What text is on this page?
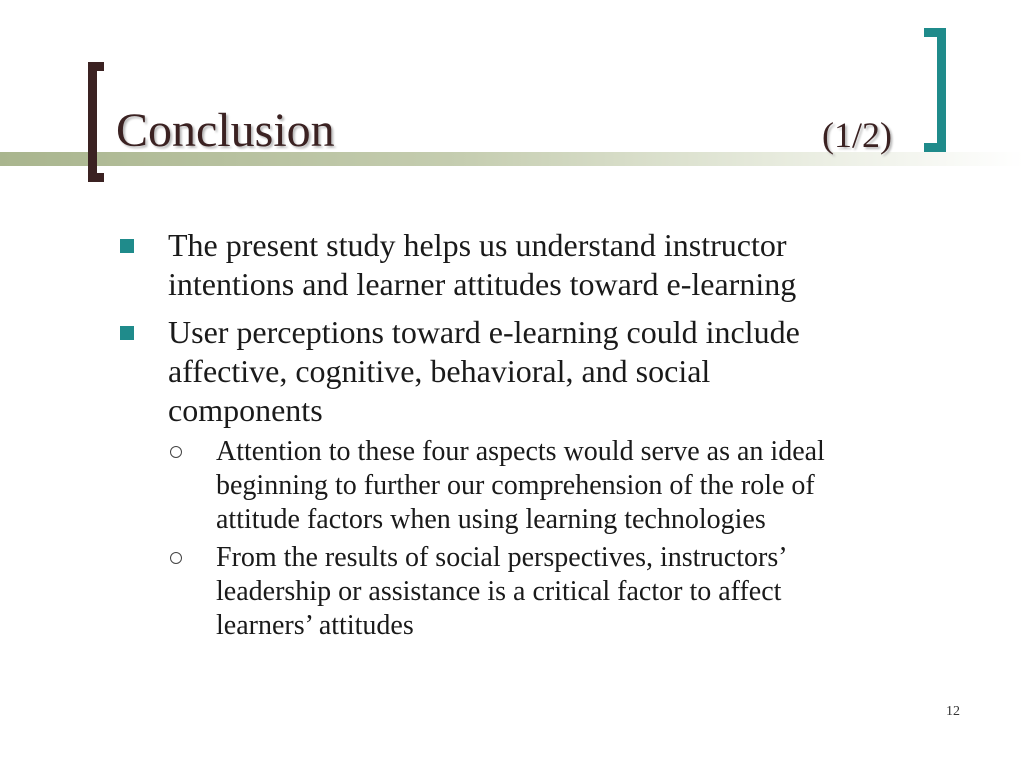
Conclusion	(1/2)
The present study helps us understand instructor
intentions and learner attitudes toward e-learning
User perceptions toward e-learning could include
affective, cognitive, behavioral, and social
components
Attention to these four aspects would serve as an ideal
beginning to further our comprehension of the role of
attitude factors when using learning technologies
From the results of social perspectives, instructors’
leadership or assistance is a critical factor to affect
learners’ attitudes
12
